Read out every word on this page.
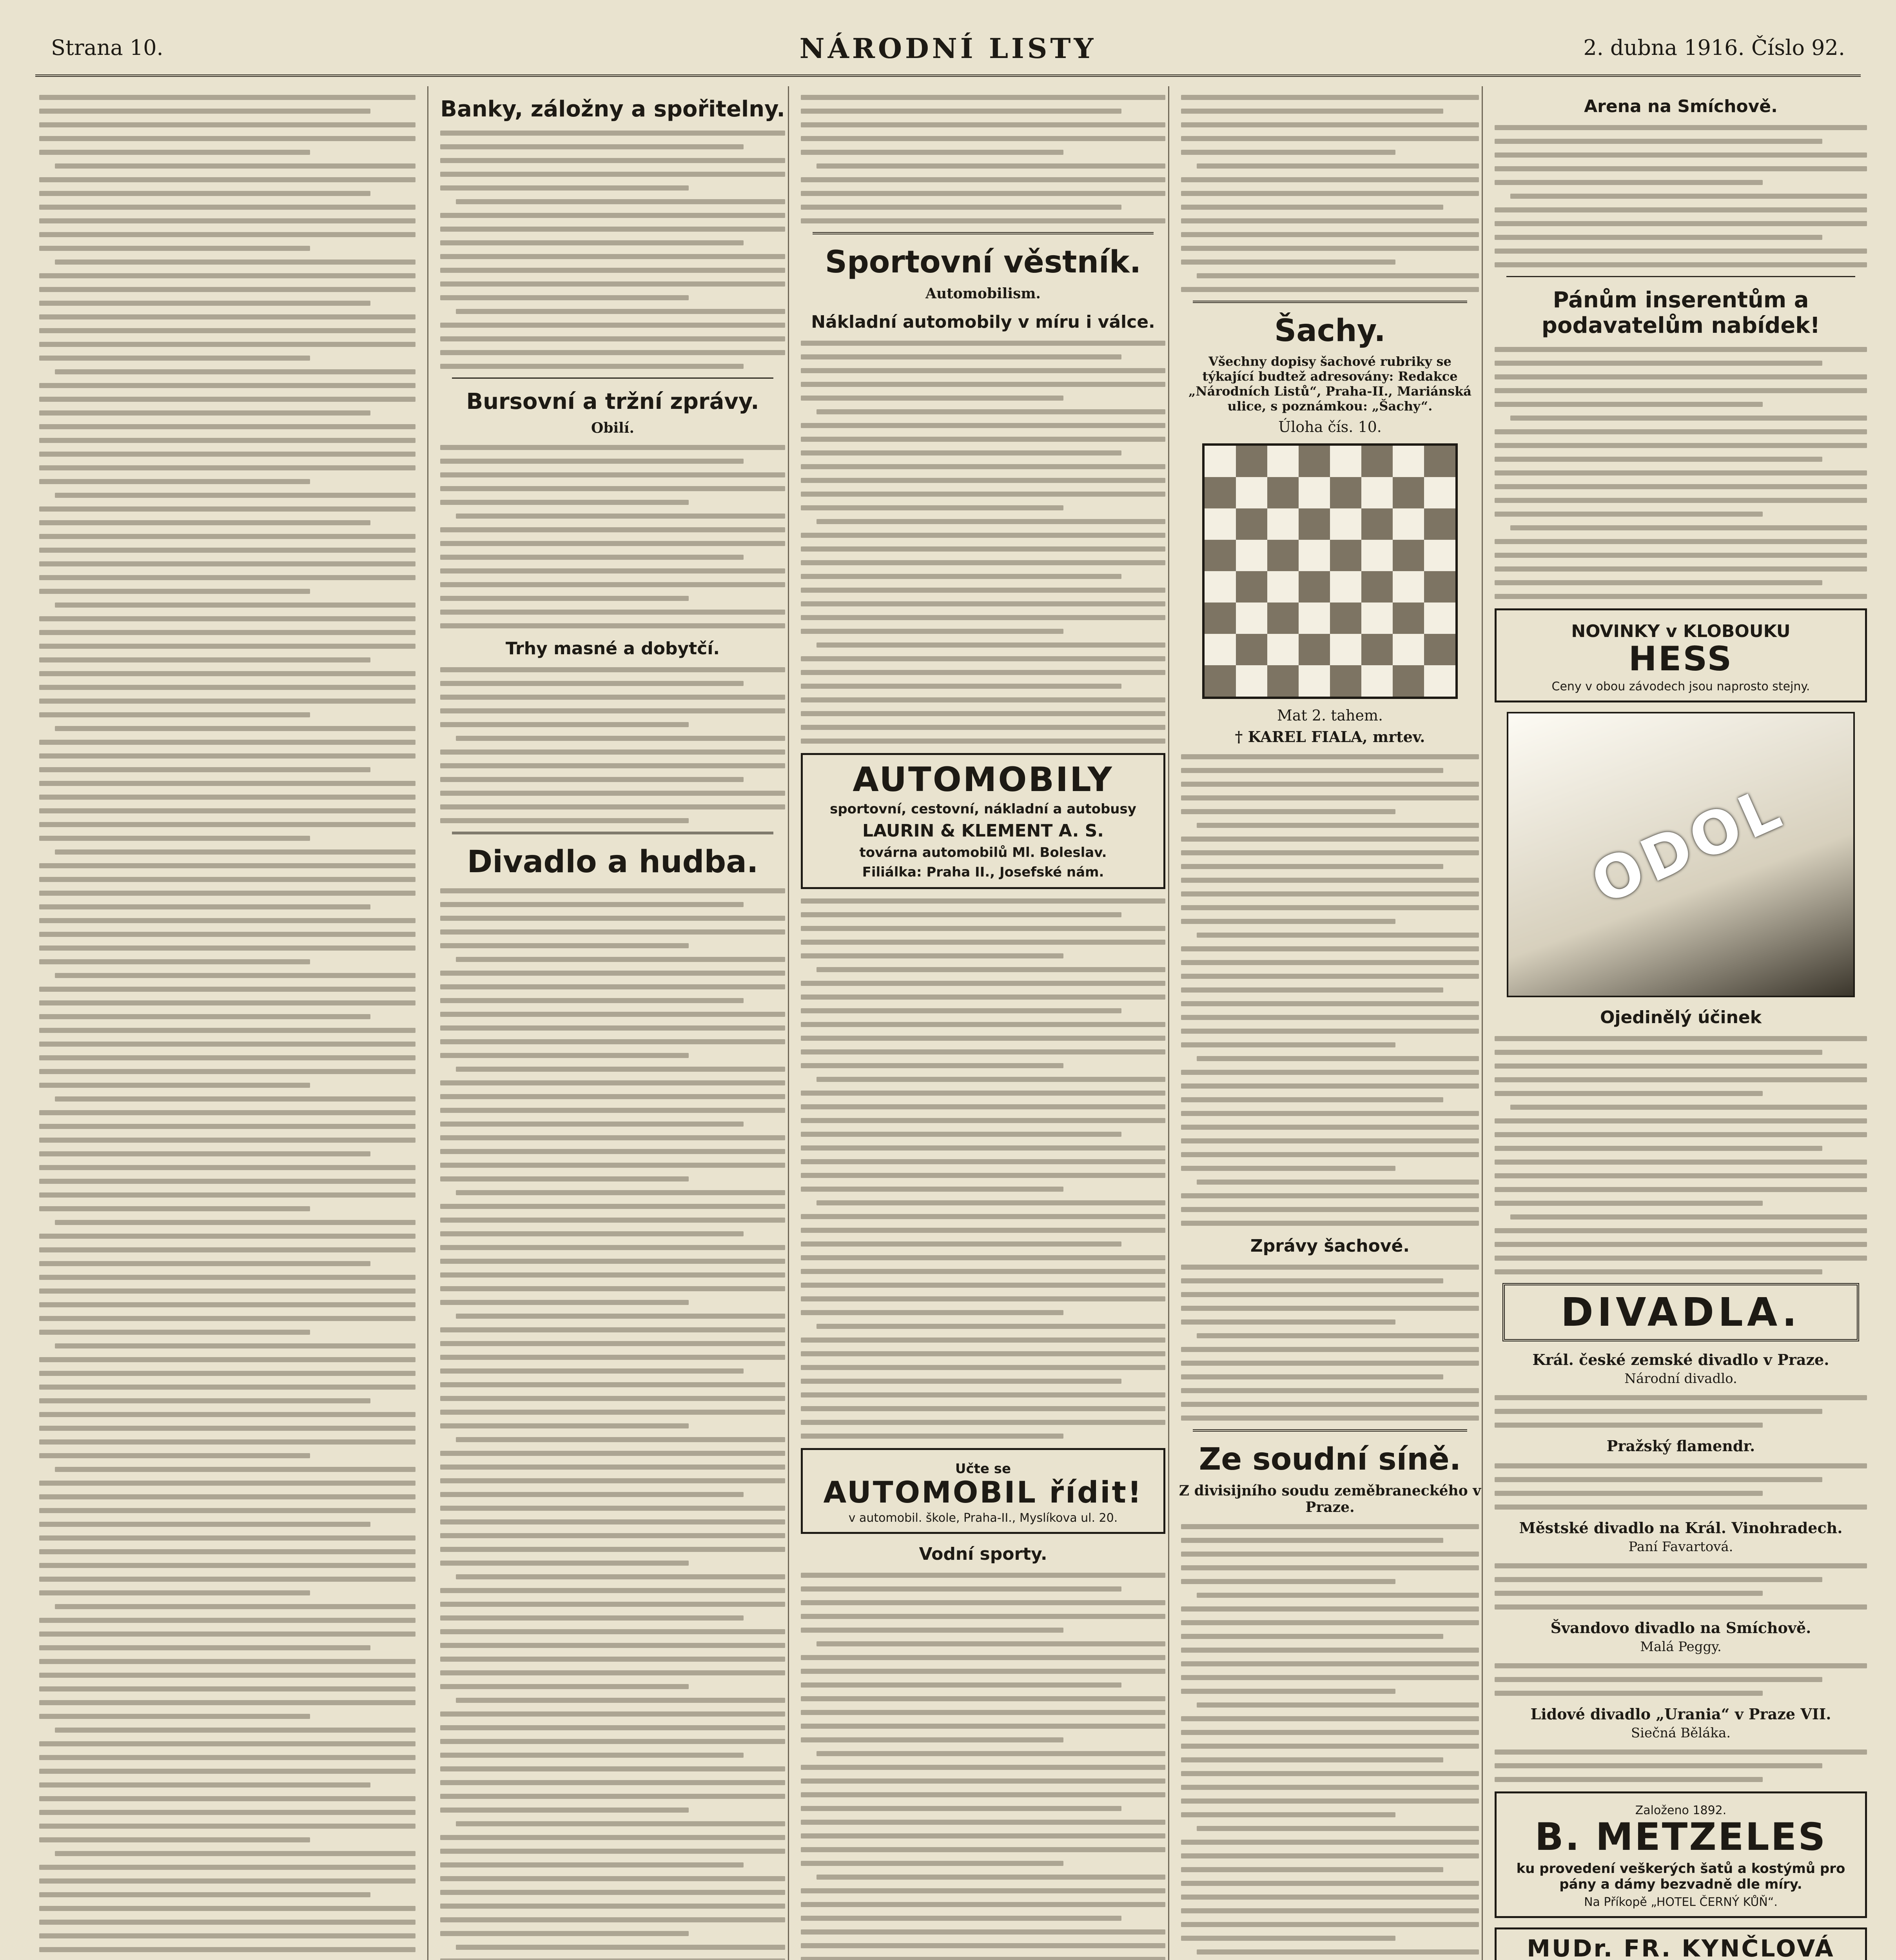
Strana 10.	NÁRODNÍ LISTY	2. dubna 1916. Číslo 92.
Banky, záložny a spořitelny.
Bursovní a tržní zprávy.
Obilí.
Trhy masné a dobytčí.
Divadlo a hudba.
Sportovní věstník.
Automobilism.
Nákladní automobily v míru i válce.
AUTOMOBILY
sportovní, cestovní, nákladní a autobusy
LAURIN & KLEMENT A. S.
továrna automobilů Ml. Boleslav.
Filiálka: Praha II., Josefské nám.
Učte se
AUTOMOBIL řídit!
v automobil. škole, Praha-II., Myslíkova ul. 20.
Vodní sporty.
Šachy.
Všechny dopisy šachové rubriky se týkající budtež adresovány: Redakce „Národních Listů“, Praha-II., Mariánská ulice, s poznámkou: „Šachy“.
Úloha čís. 10.
Mat 2. tahem.
† KAREL FIALA, mrtev.
Zprávy šachové.
Ze soudní síně.
Z divisijního soudu zeměbraneckého v Praze.
Arena na Smíchově.
Pánům inserentům a podavatelům nabídek!
NOVINKY v KLOBOUKU
HESS
Ceny v obou závodech jsou naprosto stejny.
ODOL
Ojedinělý účinek
DIVADLA.
Král. české zemské divadlo v Praze.
Národní divadlo.
Pražský flamendr.
Městské divadlo na Král. Vinohradech.
Paní Favartová.
Švandovo divadlo na Smíchově.
Malá Peggy.
Lidové divadlo „Urania“ v Praze VII.
Siečná Běláka.
Založeno 1892.
B. METZELES
ku provedení veškerých šatů a kostýmů pro pány a dámy bezvadně dle míry.
Na Příkopě „HOTEL ČERNÝ KŮŇ“.
MUDr. FR. KYNČLOVÁ
